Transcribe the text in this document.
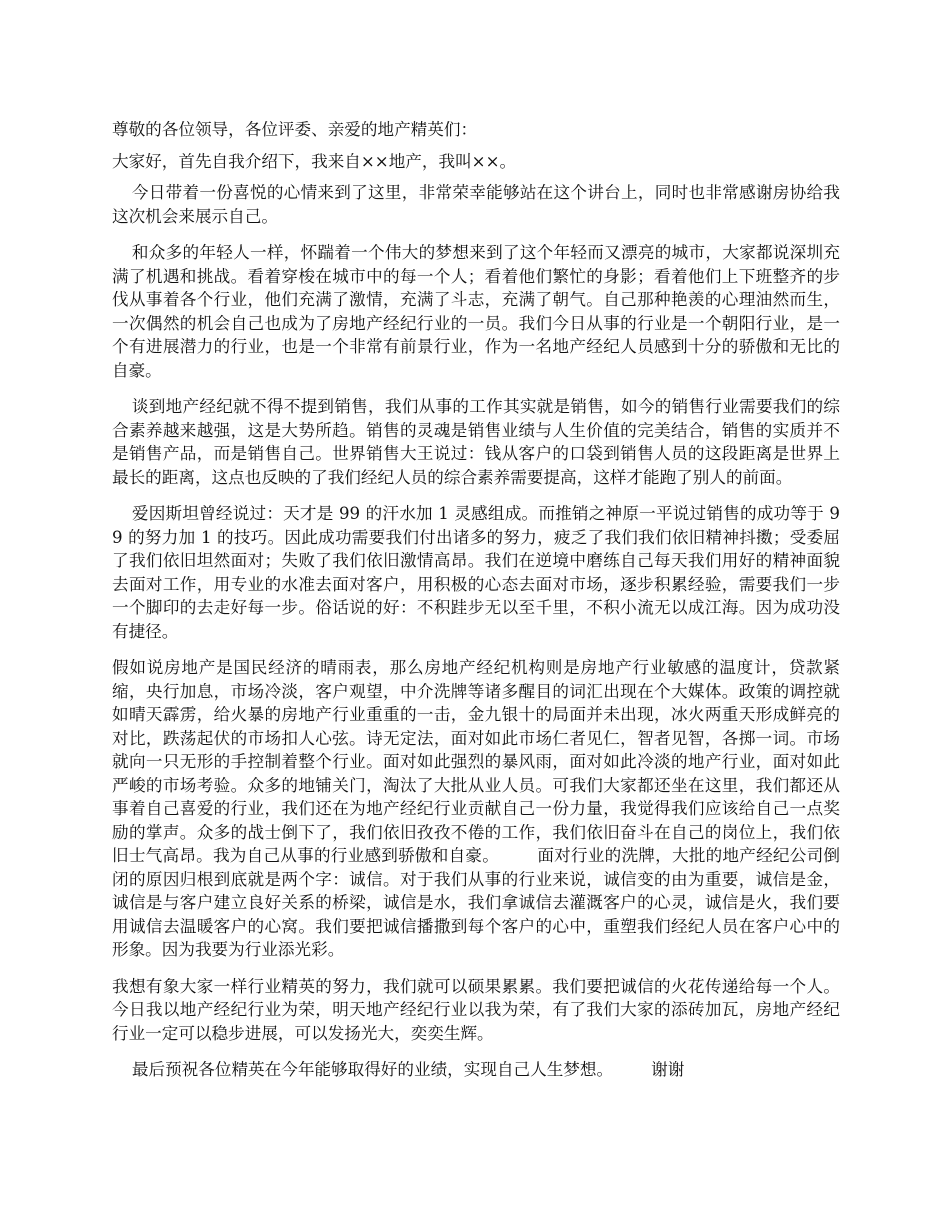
尊敬的各位领导，各位评委、亲爱的地产精英们：

大家好，首先自我介绍下，我来自××地产，我叫××。

今日带着一份喜悦的心情来到了这里，非常荣幸能够站在这个讲台上，同时也非常感谢房协给我这次机会来展示自己。

和众多的年轻人一样，怀踹着一个伟大的梦想来到了这个年轻而又漂亮的城市，大家都说深圳充满了机遇和挑战。看着穿梭在城市中的每一个人；看着他们繁忙的身影；看着他们上下班整齐的步伐从事着各个行业，他们充满了激情，充满了斗志，充满了朝气。自己那种艳羡的心理油然而生，一次偶然的机会自己也成为了房地产经纪行业的一员。我们今日从事的行业是一个朝阳行业，是一个有进展潜力的行业，也是一个非常有前景行业，作为一名地产经纪人员感到十分的骄傲和无比的自豪。

谈到地产经纪就不得不提到销售，我们从事的工作其实就是销售，如今的销售行业需要我们的综合素养越来越强，这是大势所趋。销售的灵魂是销售业绩与人生价值的完美结合，销售的实质并不是销售产品，而是销售自己。世界销售大王说过：钱从客户的口袋到销售人员的这段距离是世界上最长的距离，这点也反映的了我们经纪人员的综合素养需要提高，这样才能跑了别人的前面。

爱因斯坦曾经说过：天才是 99 的汗水加 1 灵感组成。而推销之神原一平说过销售的成功等于 99 的努力加 1 的技巧。因此成功需要我们付出诸多的努力，疲乏了我们我们依旧精神抖擞；受委屈了我们依旧坦然面对；失败了我们依旧激情高昂。我们在逆境中磨练自己每天我们用好的精神面貌去面对工作，用专业的水准去面对客户，用积极的心态去面对市场，逐步积累经验，需要我们一步一个脚印的去走好每一步。俗话说的好：不积跬步无以至千里，不积小流无以成江海。因为成功没有捷径。

假如说房地产是国民经济的晴雨表，那么房地产经纪机构则是房地产行业敏感的温度计，贷款紧缩，央行加息，市场冷淡，客户观望，中介洗牌等诸多醒目的词汇出现在个大媒体。政策的调控就如晴天霹雳，给火暴的房地产行业重重的一击，金九银十的局面并未出现，冰火两重天形成鲜亮的对比，跌荡起伏的市场扣人心弦。诗无定法，面对如此市场仁者见仁，智者见智，各掷一词。市场就向一只无形的手控制着整个行业。面对如此强烈的暴风雨，面对如此冷淡的地产行业，面对如此严峻的市场考验。众多的地铺关门，淘汰了大批从业人员。可我们大家都还坐在这里，我们都还从事着自己喜爱的行业，我们还在为地产经纪行业贡献自己一份力量，我觉得我们应该给自己一点奖励的掌声。众多的战士倒下了，我们依旧孜孜不倦的工作，我们依旧奋斗在自己的岗位上，我们依旧士气高昂。我为自己从事的行业感到骄傲和自豪。 面对行业的洗牌，大批的地产经纪公司倒闭的原因归根到底就是两个字：诚信。对于我们从事的行业来说，诚信变的由为重要，诚信是金，诚信是与客户建立良好关系的桥梁，诚信是水，我们拿诚信去灌溉客户的心灵，诚信是火，我们要用诚信去温暖客户的心窝。我们要把诚信播撒到每个客户的心中，重塑我们经纪人员在客户心中的形象。因为我要为行业添光彩。

我想有象大家一样行业精英的努力，我们就可以硕果累累。我们要把诚信的火花传递给每一个人。今日我以地产经纪行业为荣，明天地产经纪行业以我为荣，有了我们大家的添砖加瓦，房地产经纪行业一定可以稳步进展，可以发扬光大，奕奕生辉。

最后预祝各位精英在今年能够取得好的业绩，实现自己人生梦想。 谢谢
